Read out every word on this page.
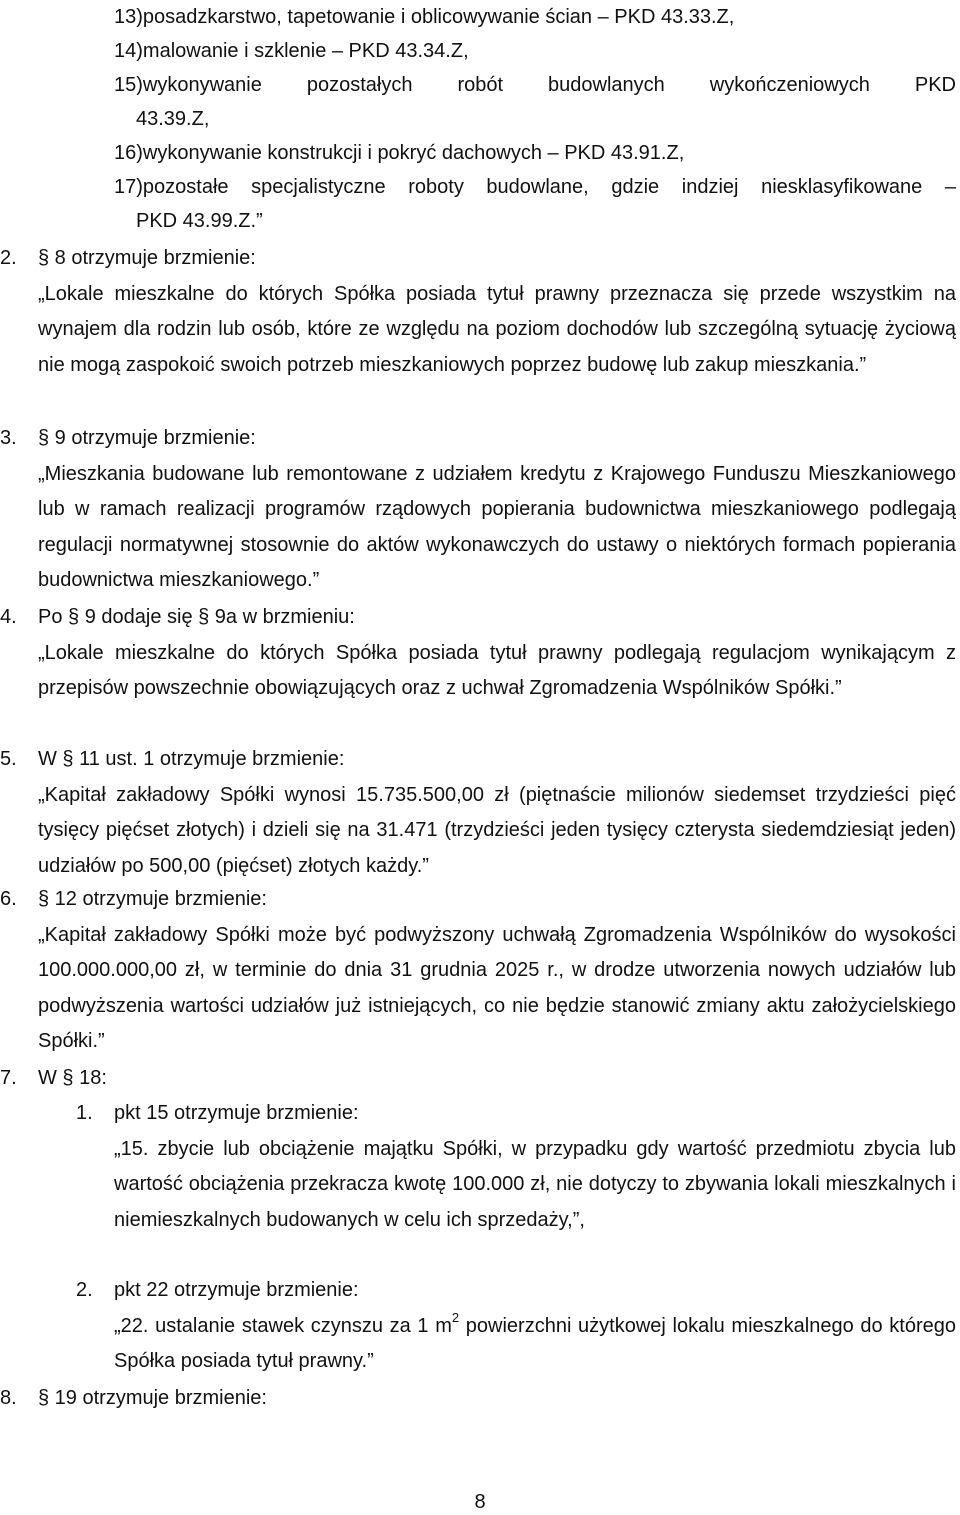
13)posadzkarstwo, tapetowanie i oblicowywanie ścian – PKD 43.33.Z,

14)malowanie i szklenie – PKD 43.34.Z,

15)wykonywanie pozostałych robót budowlanych wykończeniowych PKD

43.39.Z,

16)wykonywanie konstrukcji i pokryć dachowych – PKD 43.91.Z,

17)pozostałe specjalistyczne roboty budowlane, gdzie indziej niesklasyfikowane –

PKD 43.99.Z.”

2. § 8 otrzymuje brzmienie:

„Lokale mieszkalne do których Spółka posiada tytuł prawny przeznacza się przede wszystkim na wynajem dla rodzin lub osób, które ze względu na poziom dochodów lub szczególną sytuację życiową nie mogą zaspokoić swoich potrzeb mieszkaniowych poprzez budowę lub zakup mieszkania.”

3. § 9 otrzymuje brzmienie:

„Mieszkania budowane lub remontowane z udziałem kredytu z Krajowego Funduszu Mieszkaniowego lub w ramach realizacji programów rządowych popierania budownictwa mieszkaniowego podlegają regulacji normatywnej stosownie do aktów wykonawczych do ustawy o niektórych formach popierania budownictwa mieszkaniowego.”

4. Po § 9 dodaje się § 9a w brzmieniu:

„Lokale mieszkalne do których Spółka posiada tytuł prawny podlegają regulacjom wynikającym z przepisów powszechnie obowiązujących oraz z uchwał Zgromadzenia Wspólników Spółki.”

5. W § 11 ust. 1 otrzymuje brzmienie:

„Kapitał zakładowy Spółki wynosi 15.735.500,00 zł (piętnaście milionów siedemset trzydzieści pięć tysięcy pięćset złotych) i dzieli się na 31.471 (trzydzieści jeden tysięcy czterysta siedemdziesiąt jeden) udziałów po 500,00 (pięćset) złotych każdy.”

6. § 12 otrzymuje brzmienie:

„Kapitał zakładowy Spółki może być podwyższony uchwałą Zgromadzenia Wspólników do wysokości 100.000.000,00 zł, w terminie do dnia 31 grudnia 2025 r., w drodze utworzenia nowych udziałów lub podwyższenia wartości udziałów już istniejących, co nie będzie stanowić zmiany aktu założycielskiego Spółki.”

7. W § 18:

1. pkt 15 otrzymuje brzmienie:

„15. zbycie lub obciążenie majątku Spółki, w przypadku gdy wartość przedmiotu zbycia lub wartość obciążenia przekracza kwotę 100.000 zł, nie dotyczy to zbywania lokali mieszkalnych i niemieszkalnych budowanych w celu ich sprzedaży,”,

2. pkt 22 otrzymuje brzmienie:

„22. ustalanie stawek czynszu za 1 $m^2$ powierzchni użytkowej lokalu mieszkalnego do którego Spółka posiada tytuł prawny.”

8. § 19 otrzymuje brzmienie:

8
